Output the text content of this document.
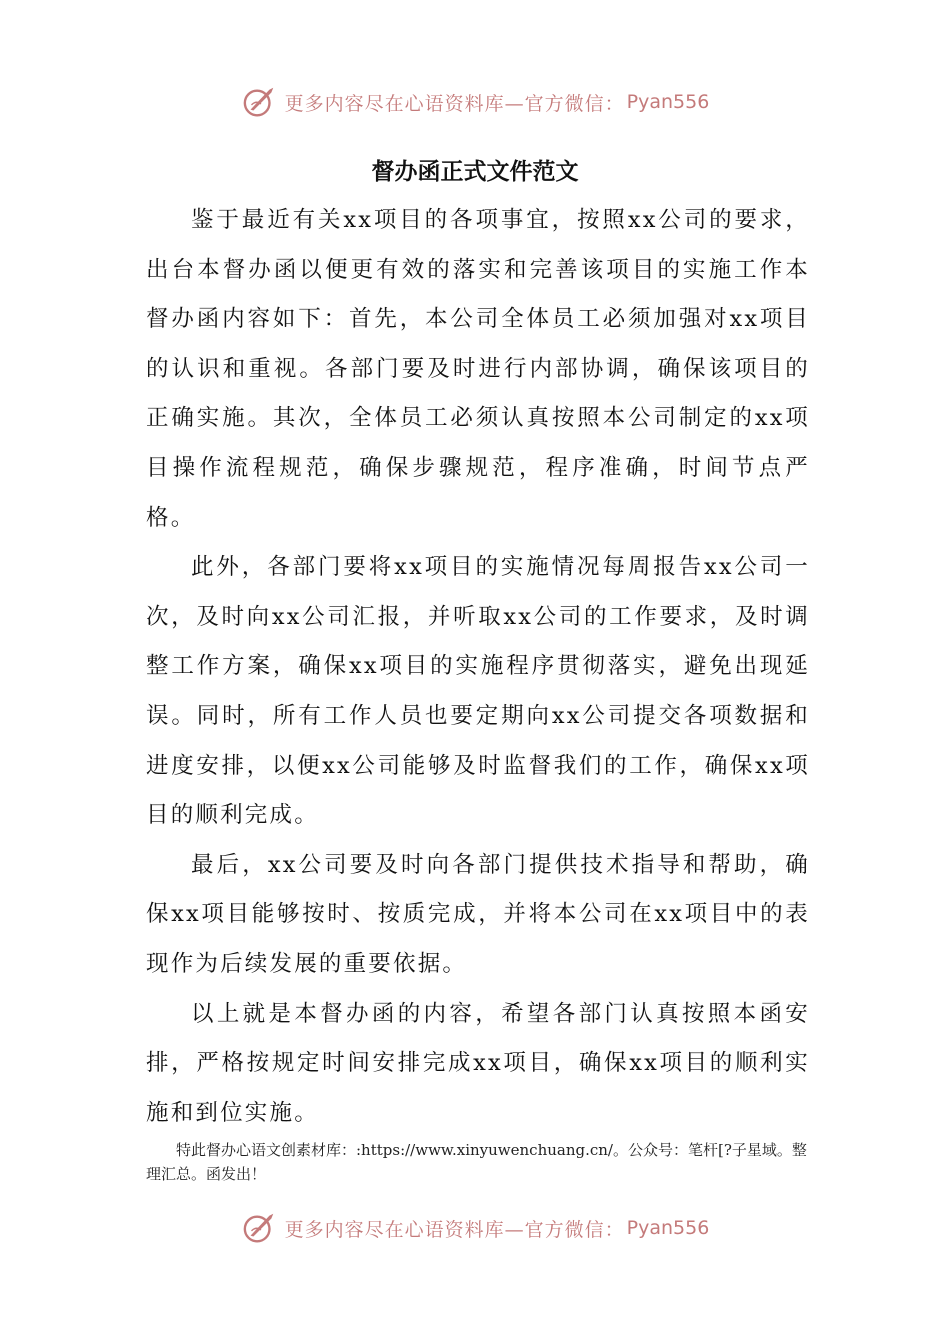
更多内容尽在心语资料库—官方微信： Pyan556
督办函正式文件范文

鉴于最近有关xx项目的各项事宜，按照xx公司的要求，出台本督办函以便更有效的落实和完善该项目的实施工作本督办函内容如下：首先，本公司全体员工必须加强对xx项目的认识和重视。各部门要及时进行内部协调，确保该项目的正确实施。其次，全体员工必须认真按照本公司制定的xx项目操作流程规范，确保步骤规范，程序准确，时间节点严格。

此外，各部门要将xx项目的实施情况每周报告xx公司一次，及时向xx公司汇报，并听取xx公司的工作要求，及时调整工作方案，确保xx项目的实施程序贯彻落实，避免出现延误。同时，所有工作人员也要定期向xx公司提交各项数据和进度安排，以便xx公司能够及时监督我们的工作，确保xx项目的顺利完成。

最后，xx公司要及时向各部门提供技术指导和帮助，确保xx项目能够按时、按质完成，并将本公司在xx项目中的表现作为后续发展的重要依据。

以上就是本督办函的内容，希望各部门认真按照本函安排，严格按规定时间安排完成xx项目，确保xx项目的顺利实施和到位实施。

特此督办心语文创素材库：:https://www.xinyuwenchuang.cn/。公众号：笔杆[?子星域。整理汇总。函发出！
更多内容尽在心语资料库—官方微信： Pyan556
